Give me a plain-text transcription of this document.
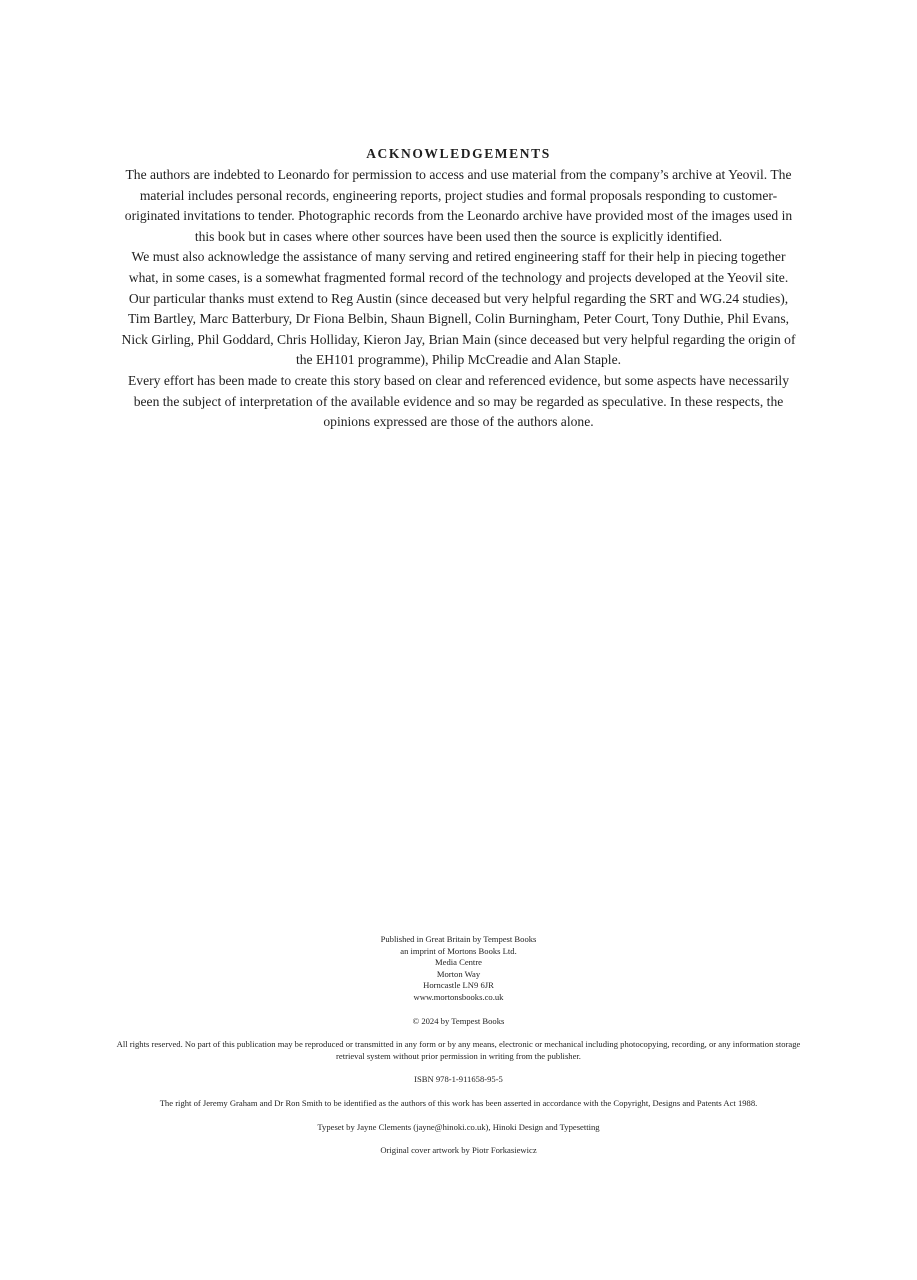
ACKNOWLEDGEMENTS

The authors are indebted to Leonardo for permission to access and use material from the company’s archive at Yeovil. The material includes personal records, engineering reports, project studies and formal proposals responding to customer-originated invitations to tender. Photographic records from the Leonardo archive have provided most of the images used in this book but in cases where other sources have been used then the source is explicitly identified.

We must also acknowledge the assistance of many serving and retired engineering staff for their help in piecing together what, in some cases, is a somewhat fragmented formal record of the technology and projects developed at the Yeovil site.

Our particular thanks must extend to Reg Austin (since deceased but very helpful regarding the SRT and WG.24 studies), Tim Bartley, Marc Batterbury, Dr Fiona Belbin, Shaun Bignell, Colin Burningham, Peter Court, Tony Duthie, Phil Evans, Nick Girling, Phil Goddard, Chris Holliday, Kieron Jay, Brian Main (since deceased but very helpful regarding the origin of the EH101 programme), Philip McCreadie and Alan Staple.

Every effort has been made to create this story based on clear and referenced evidence, but some aspects have necessarily been the subject of interpretation of the available evidence and so may be regarded as speculative. In these respects, the opinions expressed are those of the authors alone.

Published in Great Britain by Tempest Books

an imprint of Mortons Books Ltd.

Media Centre

Morton Way

Horncastle LN9 6JR

www.mortonsbooks.co.uk

© 2024 by Tempest Books

All rights reserved. No part of this publication may be reproduced or transmitted in any form or by any means, electronic or mechanical including photocopying, recording, or any information storage retrieval system without prior permission in writing from the publisher.

ISBN 978-1-911658-95-5

The right of Jeremy Graham and Dr Ron Smith to be identified as the authors of this work has been asserted in accordance with the Copyright, Designs and Patents Act 1988.

Typeset by Jayne Clements (jayne@hinoki.co.uk), Hinoki Design and Typesetting

Original cover artwork by Piotr Forkasiewicz
